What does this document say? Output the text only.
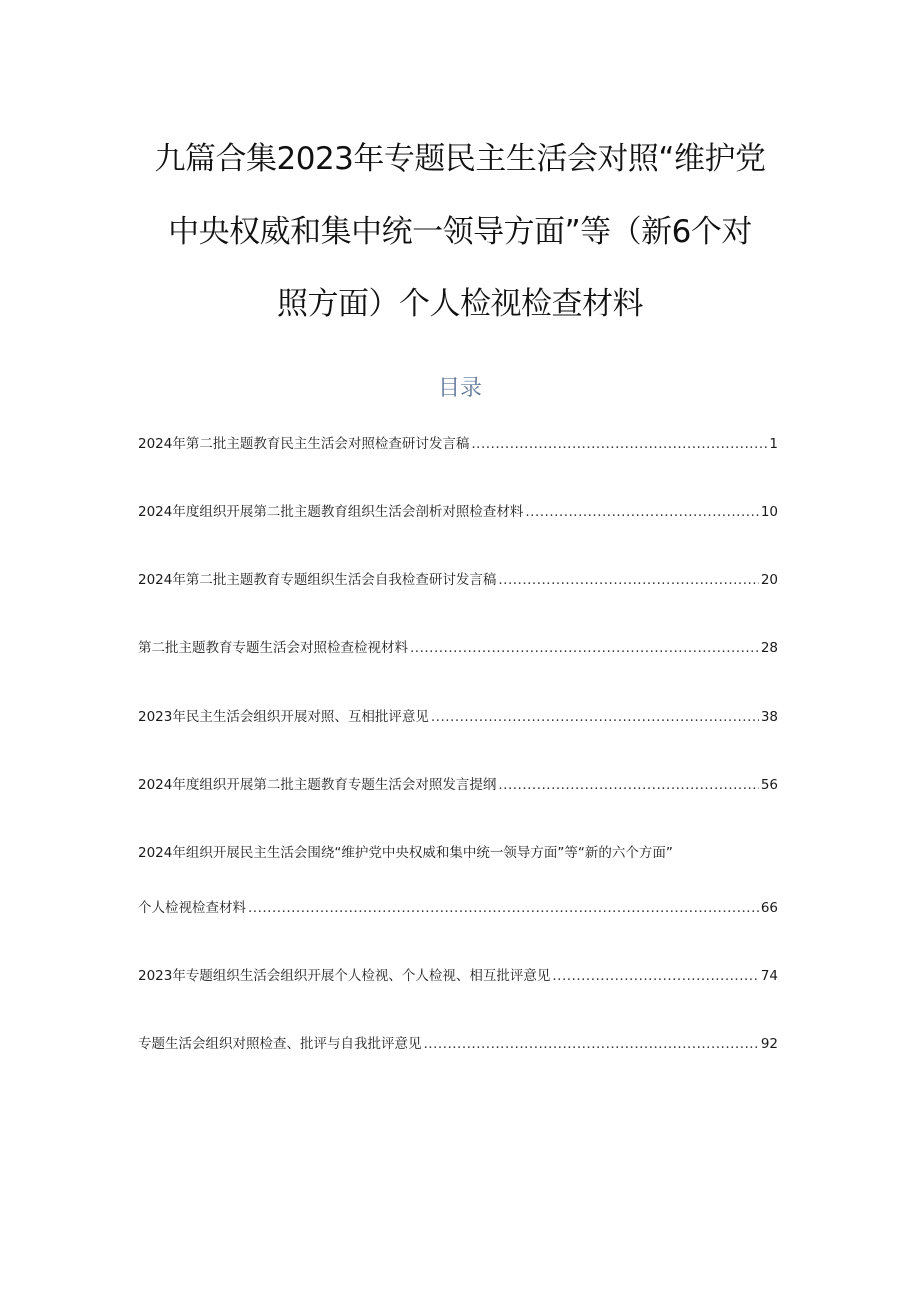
九篇合集2023年专题民主生活会对照“维护党
中央权威和集中统一领导方面”等（新6个对
照方面）个人检视检查材料
目录
2024年第二批主题教育民主生活会对照检查研讨发言稿 .....	1
2024年度组织开展第二批主题教育组织生活会剖析对照检查材料 .....	10
2024年第二批主题教育专题组织生活会自我检查研讨发言稿 .....	20
第二批主题教育专题生活会对照检查检视材料 .....	28
2023年民主生活会组织开展对照、互相批评意见 .....	38
2024年度组织开展第二批主题教育专题生活会对照发言提纲 .....	56
2024年组织开展民主生活会围绕“维护党中央权威和集中统一领导方面”等“新的六个方面”
个人检视检查材料 .....	66
2023年专题组织生活会组织开展个人检视、个人检视、相互批评意见 .....	74
专题生活会组织对照检查、批评与自我批评意见 .....	92
